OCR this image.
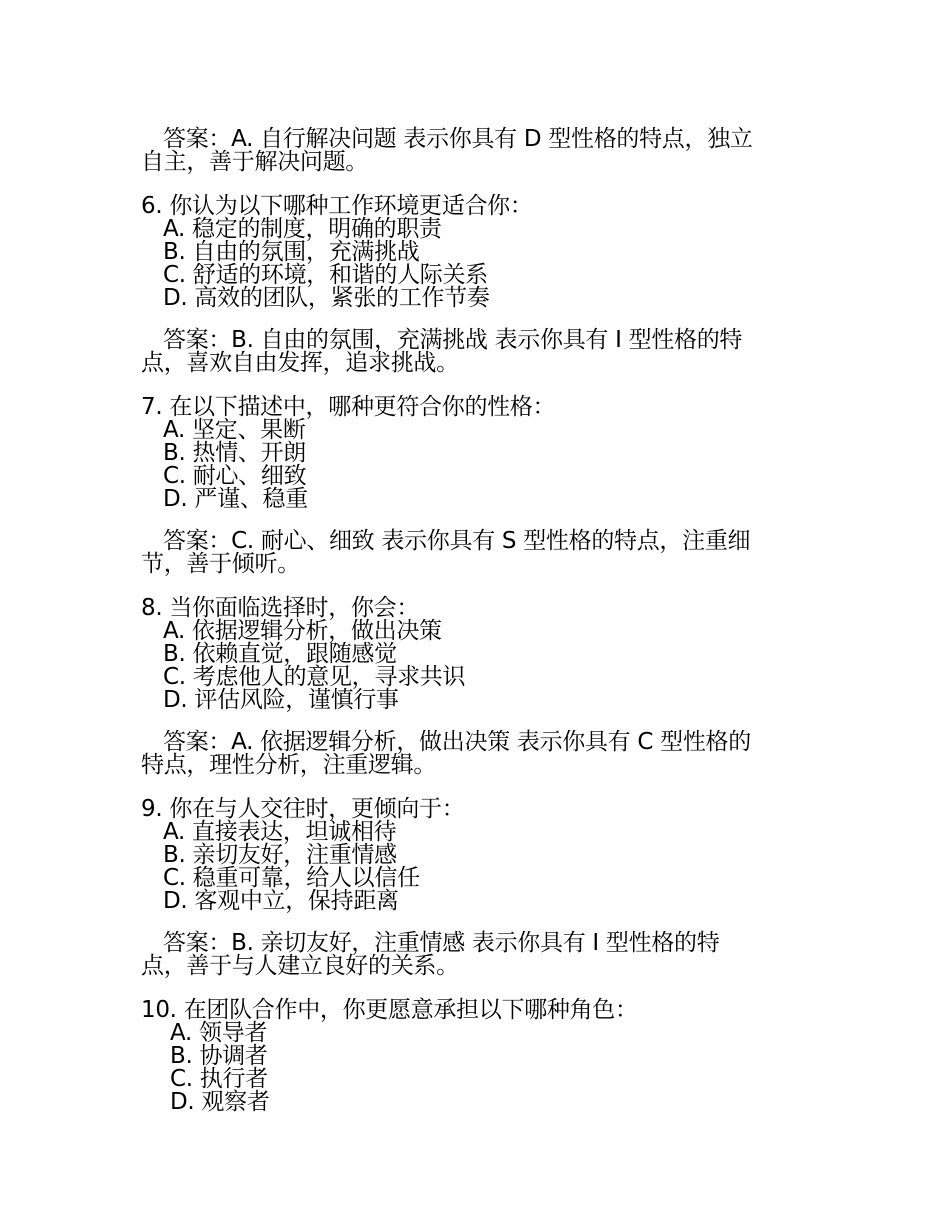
答案：A. 自行解决问题 表示你具有 D 型性格的特点，独立
自主，善于解决问题。
6. 你认为以下哪种工作环境更适合你：
A. 稳定的制度，明确的职责
B. 自由的氛围，充满挑战
C. 舒适的环境，和谐的人际关系
D. 高效的团队，紧张的工作节奏
答案：B. 自由的氛围，充满挑战 表示你具有 I 型性格的特
点，喜欢自由发挥，追求挑战。
7. 在以下描述中，哪种更符合你的性格：
A. 坚定、果断
B. 热情、开朗
C. 耐心、细致
D. 严谨、稳重
答案：C. 耐心、细致 表示你具有 S 型性格的特点，注重细
节，善于倾听。
8. 当你面临选择时，你会：
A. 依据逻辑分析，做出决策
B. 依赖直觉，跟随感觉
C. 考虑他人的意见，寻求共识
D. 评估风险，谨慎行事
答案：A. 依据逻辑分析，做出决策 表示你具有 C 型性格的
特点，理性分析，注重逻辑。
9. 你在与人交往时，更倾向于：
A. 直接表达，坦诚相待
B. 亲切友好，注重情感
C. 稳重可靠，给人以信任
D. 客观中立，保持距离
答案：B. 亲切友好，注重情感 表示你具有 I 型性格的特
点，善于与人建立良好的关系。
10. 在团队合作中，你更愿意承担以下哪种角色：
A. 领导者
B. 协调者
C. 执行者
D. 观察者
